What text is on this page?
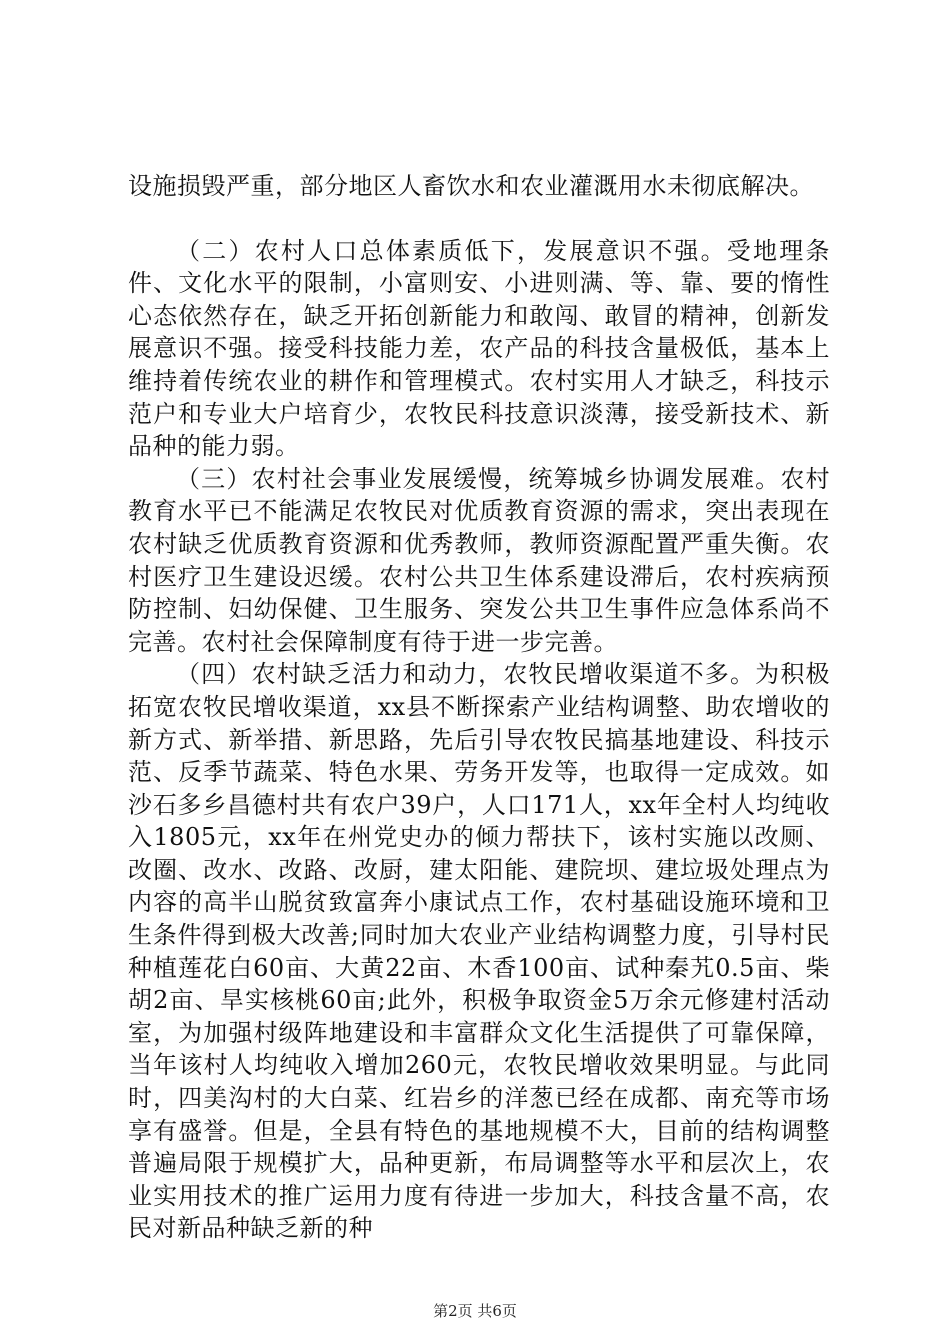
设施损毁严重，部分地区人畜饮水和农业灌溉用水未彻底解决。

（二）农村人口总体素质低下，发展意识不强。受地理条件、文化水平的限制，小富则安、小进则满、等、靠、要的惰性心态依然存在，缺乏开拓创新能力和敢闯、敢冒的精神，创新发展意识不强。接受科技能力差，农产品的科技含量极低，基本上维持着传统农业的耕作和管理模式。农村实用人才缺乏，科技示范户和专业大户培育少，农牧民科技意识淡薄，接受新技术、新品种的能力弱。

（三）农村社会事业发展缓慢，统筹城乡协调发展难。农村教育水平已不能满足农牧民对优质教育资源的需求，突出表现在农村缺乏优质教育资源和优秀教师，教师资源配置严重失衡。农村医疗卫生建设迟缓。农村公共卫生体系建设滞后，农村疾病预防控制、妇幼保健、卫生服务、突发公共卫生事件应急体系尚不完善。农村社会保障制度有待于进一步完善。

（四）农村缺乏活力和动力，农牧民增收渠道不多。为积极拓宽农牧民增收渠道，xx县不断探索产业结构调整、助农增收的新方式、新举措、新思路，先后引导农牧民搞基地建设、科技示范、反季节蔬菜、特色水果、劳务开发等，也取得一定成效。如沙石多乡昌德村共有农户39户，人口171人，xx年全村人均纯收入1805元，xx年在州党史办的倾力帮扶下，该村实施以改厕、改圈、改水、改路、改厨，建太阳能、建院坝、建垃圾处理点为内容的高半山脱贫致富奔小康试点工作，农村基础设施环境和卫生条件得到极大改善;同时加大农业产业结构调整力度，引导村民种植莲花白60亩、大黄22亩、木香100亩、试种秦艽0.5亩、柴胡2亩、旱实核桃60亩;此外，积极争取资金5万余元修建村活动室，为加强村级阵地建设和丰富群众文化生活提供了可靠保障，当年该村人均纯收入增加260元，农牧民增收效果明显。与此同时，四美沟村的大白菜、红岩乡的洋葱已经在成都、南充等市场享有盛誉。但是，全县有特色的基地规模不大，目前的结构调整普遍局限于规模扩大，品种更新，布局调整等水平和层次上，农业实用技术的推广运用力度有待进一步加大，科技含量不高，农民对新品种缺乏新的种

第2页 共6页
